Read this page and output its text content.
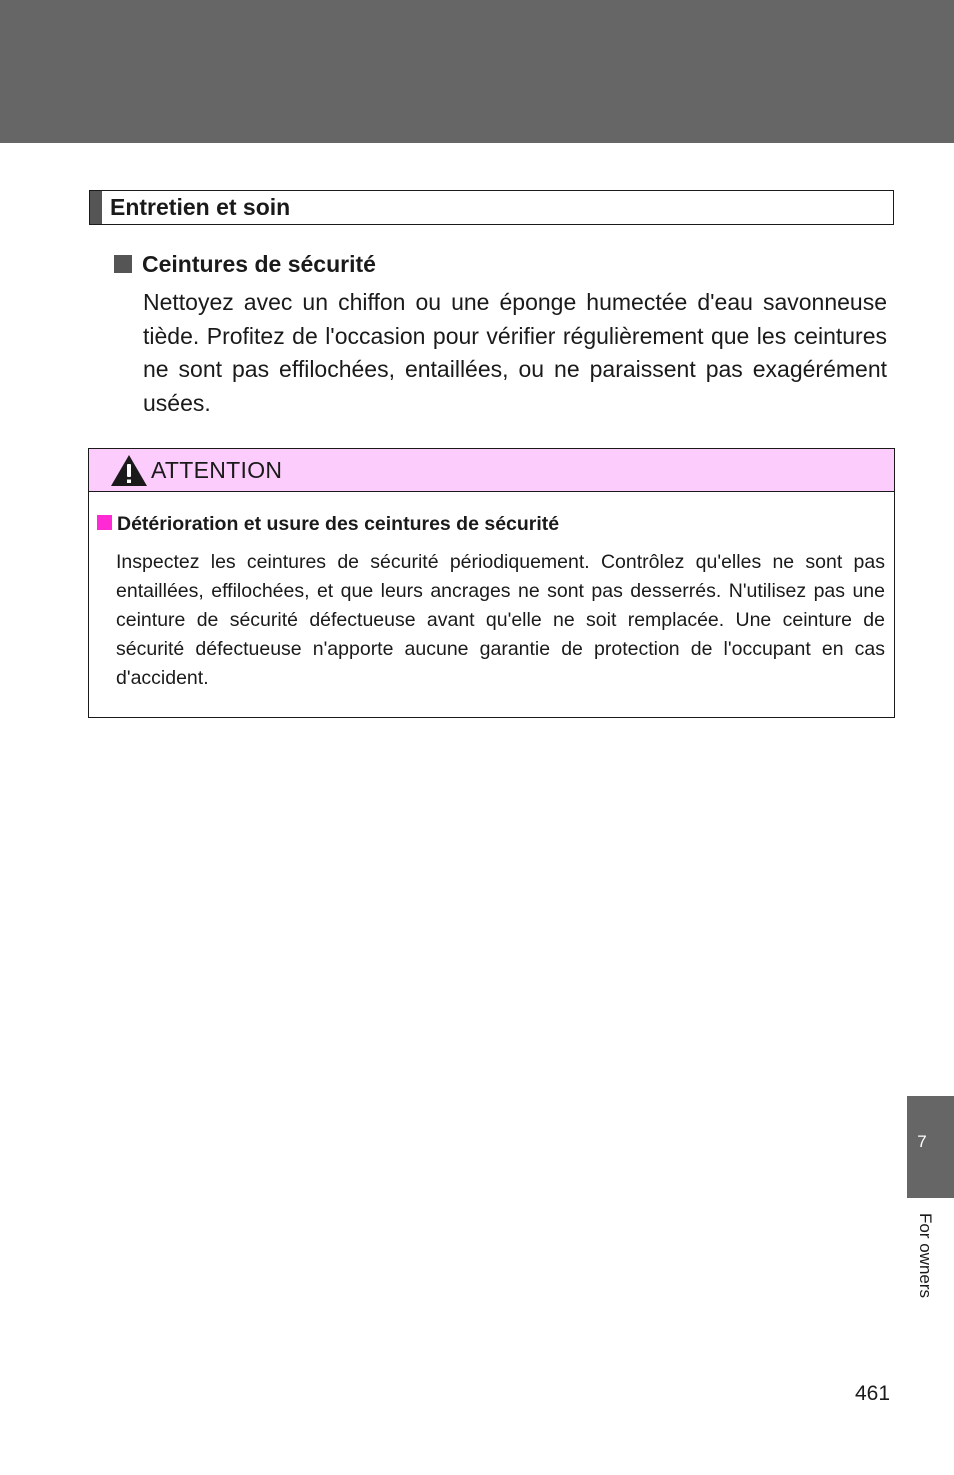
Entretien et soin
Ceintures de sécurité
Nettoyez avec un chiffon ou une éponge humectée d'eau savonneuse tiède. Profitez de l'occasion pour vérifier régulièrement que les ceintures ne sont pas effilochées, entaillées, ou ne paraissent pas exagérément usées.
ATTENTION
Détérioration et usure des ceintures de sécurité
Inspectez les ceintures de sécurité périodiquement. Contrôlez qu'elles ne sont pas entaillées, effilochées, et que leurs ancrages ne sont pas desserrés. N'utilisez pas une ceinture de sécurité défectueuse avant qu'elle ne soit remplacée. Une ceinture de sécurité défectueuse n'apporte aucune garantie de protection de l'occupant en cas d'accident.
7
For owners
461
